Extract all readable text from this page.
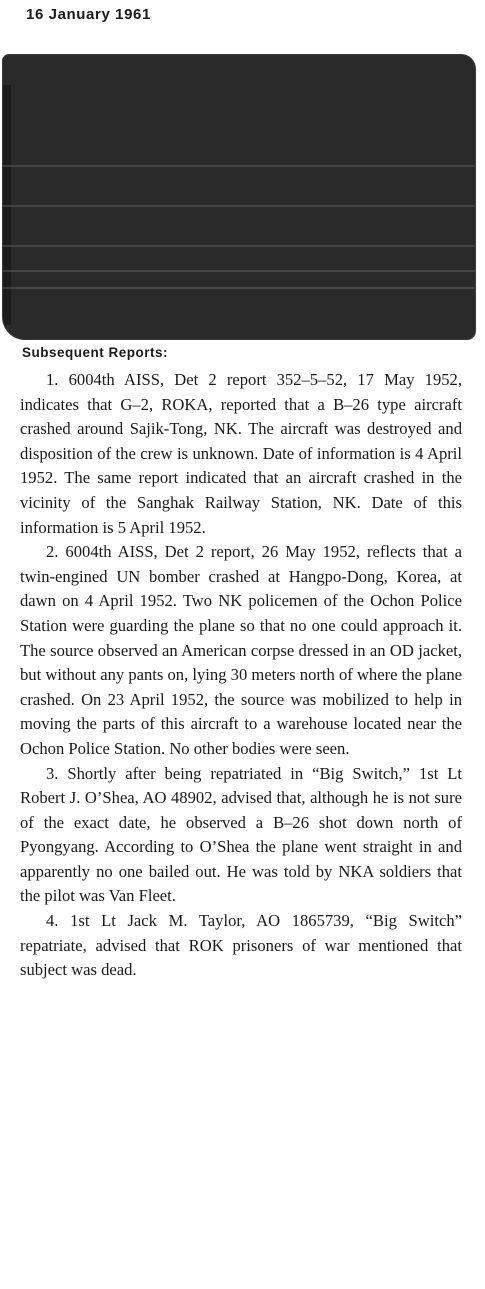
16 January 1961
Subsequent Reports:

1. 6004th AISS, Det 2 report 352–5–52, 17 May 1952, indicates that G–2, ROKA, reported that a B–26 type aircraft crashed around Sajik-Tong, NK. The aircraft was destroyed and disposition of the crew is unknown. Date of information is 4 April 1952. The same report indicated that an aircraft crashed in the vicinity of the Sanghak Railway Station, NK. Date of this information is 5 April 1952.

2. 6004th AISS, Det 2 report, 26 May 1952, reflects that a twin-engined UN bomber crashed at Hangpo-Dong, Korea, at dawn on 4 April 1952. Two NK policemen of the Ochon Police Station were guarding the plane so that no one could approach it. The source observed an American corpse dressed in an OD jacket, but without any pants on, lying 30 meters north of where the plane crashed. On 23 April 1952, the source was mobilized to help in moving the parts of this aircraft to a warehouse located near the Ochon Police Station. No other bodies were seen.

3. Shortly after being repatriated in “Big Switch,” 1st Lt Robert J. O’Shea, AO 48902, advised that, although he is not sure of the exact date, he observed a B–26 shot down north of Pyongyang. According to O’Shea the plane went straight in and apparently no one bailed out. He was told by NKA soldiers that the pilot was Van Fleet.

4. 1st Lt Jack M. Taylor, AO 1865739, “Big Switch” repatriate, advised that ROK prisoners of war mentioned that subject was dead.
